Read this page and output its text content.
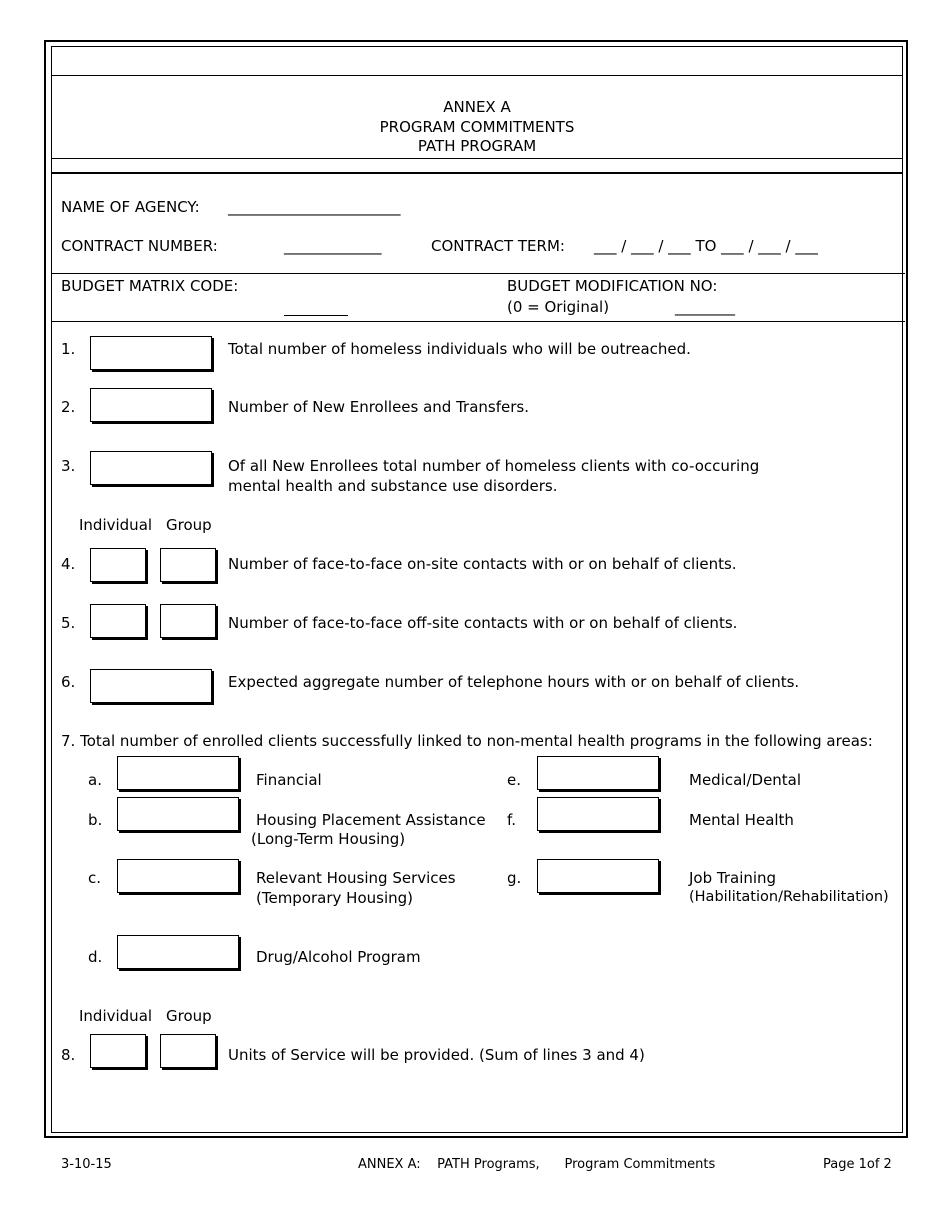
ANNEX A
PROGRAM COMMITMENTS
PATH PROGRAM
NAME OF AGENCY: _______________________
CONTRACT NUMBER:	_____________	CONTRACT TERM: ___ / ___ / ___ TO ___ / ___ / ___
BUDGET MATRIX CODE:	BUDGET MODIFICATION NO:
(0 = Original)	________
1.	Total number of homeless individuals who will be outreached.
2.	Number of New Enrollees and Transfers.
3.	Of all New Enrollees total number of homeless clients with co-occuring
mental health and substance use disorders.
Individual Group
4.	Number of face-to-face on-site contacts with or on behalf of clients.
5.	Number of face-to-face off-site contacts with or on behalf of clients.
6.	Expected aggregate number of telephone hours with or on behalf of clients.
7. Total number of enrolled clients successfully linked to non-mental health programs in the following areas:
a.	Financial
b.	Housing Placement Assistance
(Long-Term Housing)
c.	Relevant Housing Services
(Temporary Housing)
d.	Drug/Alcohol Program
e.	Medical/Dental
f.	Mental Health
g.	Job Training
(Habilitation/Rehabilitation)
Individual Group
8.	Units of Service will be provided. (Sum of lines 3 and 4)
3-10-15	ANNEX A:    PATH Programs,      Program Commitments	Page 1of 2
